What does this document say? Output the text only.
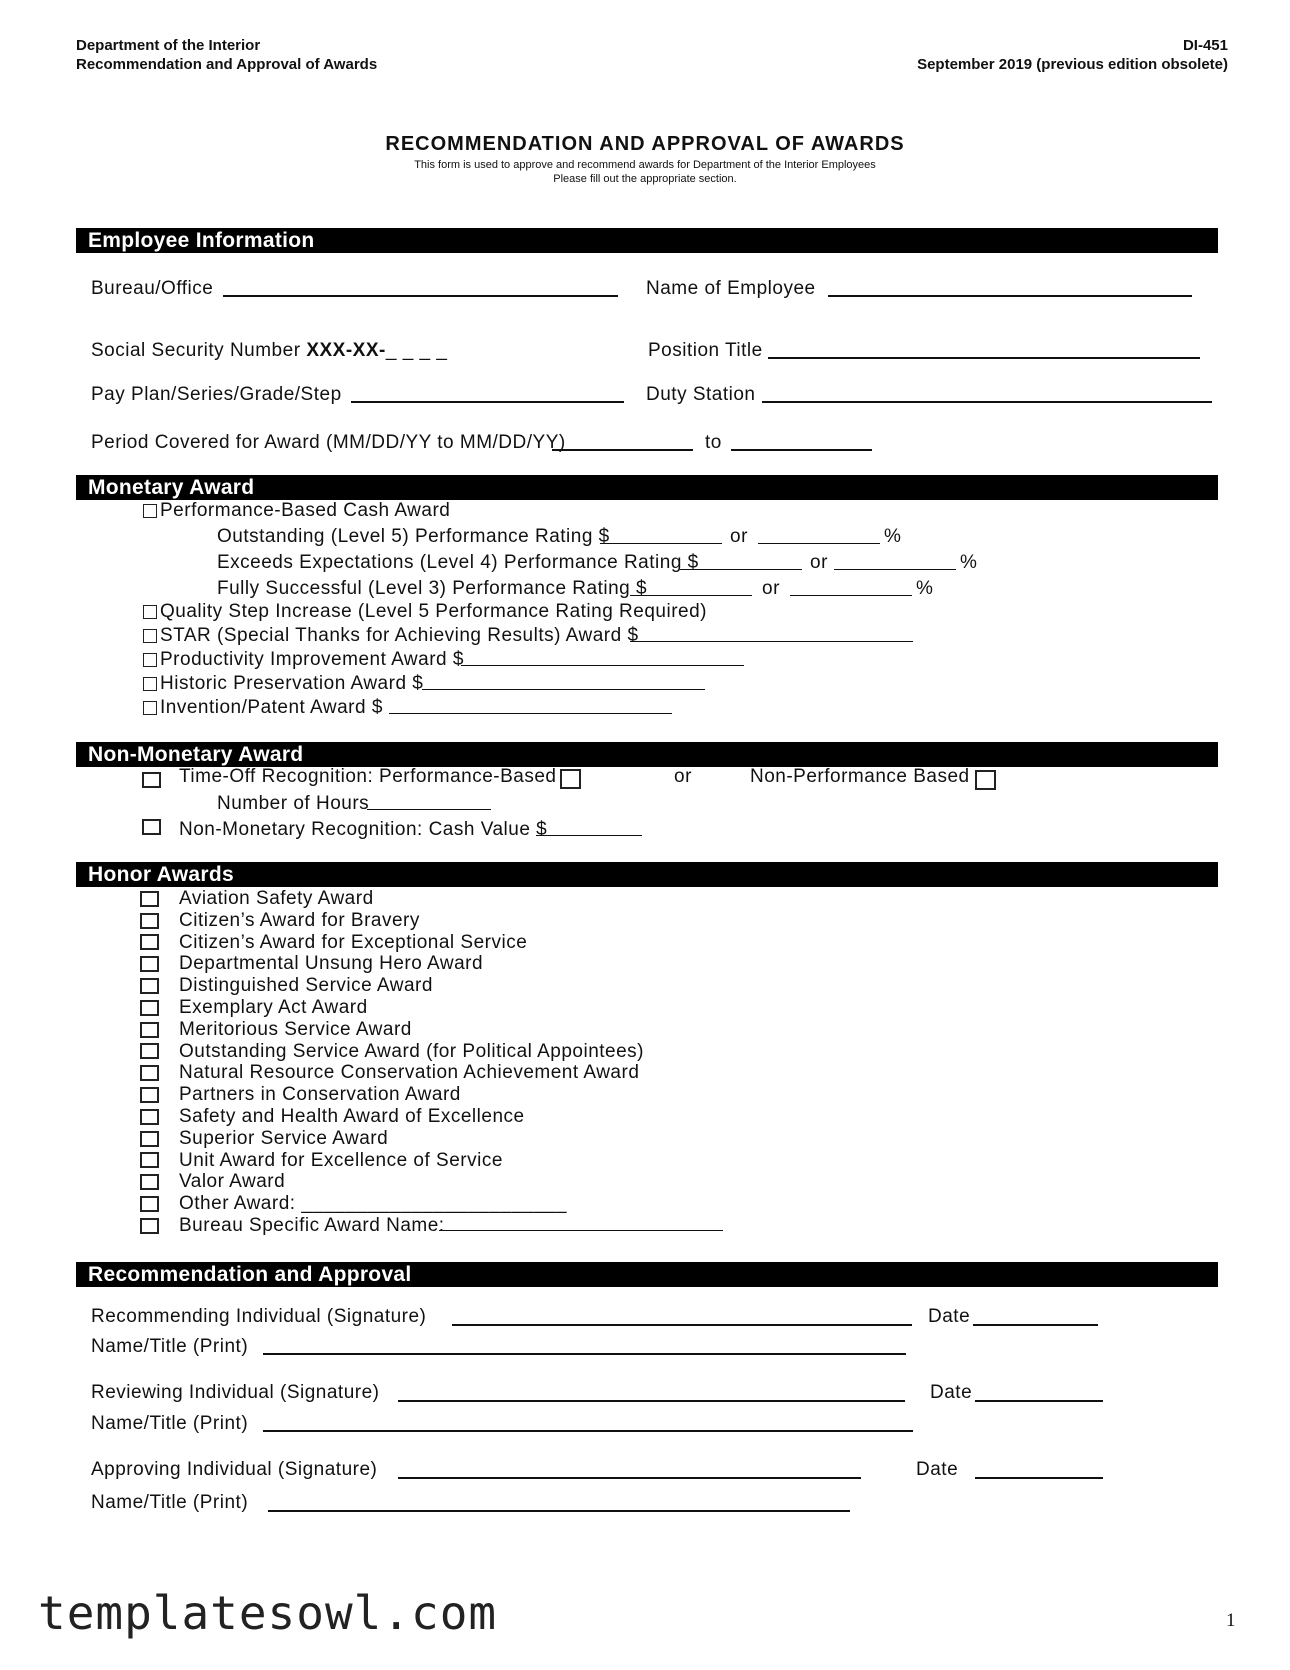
Department of the Interior
Recommendation and Approval of Awards
DI-451
September 2019 (previous edition obsolete)
RECOMMENDATION AND APPROVAL OF AWARDS
This form is used to approve and recommend awards for Department of the Interior Employees
Please fill out the appropriate section.
Employee Information
Bureau/Office	Name of Employee
Social Security Number XXX-XX-_ _ _ _	Position Title
Pay Plan/Series/Grade/Step	Duty Station
Period Covered for Award (MM/DD/YY to MM/DD/YY)	to
Monetary Award
Performance-Based Cash Award
Outstanding (Level 5) Performance Rating $	or	%
Exceeds Expectations (Level 4) Performance Rating $	or	%
Fully Successful (Level 3) Performance Rating $	or	%
Quality Step Increase (Level 5 Performance Rating Required)
STAR (Special Thanks for Achieving Results) Award $
Productivity Improvement Award $
Historic Preservation Award $
Invention/Patent Award $
Non-Monetary Award
Time-Off Recognition: Performance-Based	or	Non-Performance Based
Number of Hours
Non-Monetary Recognition: Cash Value $
Honor Awards
Aviation Safety Award
Citizen’s Award for Bravery
Citizen’s Award for Exceptional Service
Departmental Unsung Hero Award
Distinguished Service Award
Exemplary Act Award
Meritorious Service Award
Outstanding Service Award (for Political Appointees)
Natural Resource Conservation Achievement Award
Partners in Conservation Award
Safety and Health Award of Excellence
Superior Service Award
Unit Award for Excellence of Service
Valor Award
Other Award: ________________________
Bureau Specific Award Name:
Recommendation and Approval
Recommending Individual (Signature)	Date
Name/Title (Print)
Reviewing Individual (Signature)	Date
Name/Title (Print)
Approving Individual (Signature)	Date
Name/Title (Print)
templatesowl.com	1
